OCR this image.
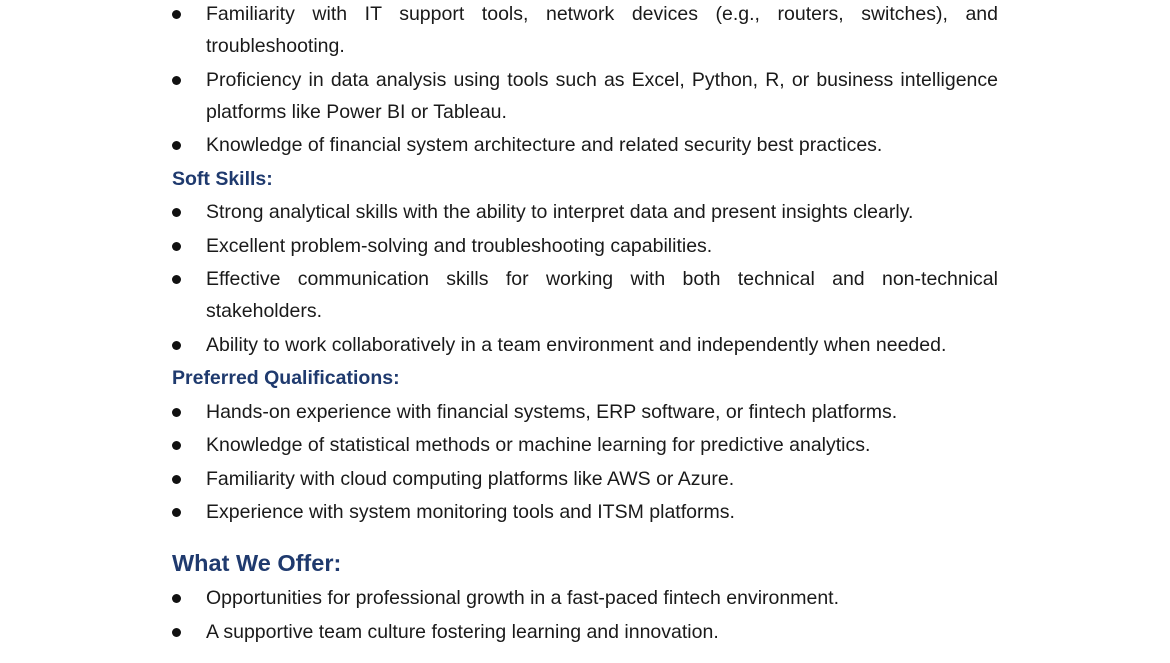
Familiarity with IT support tools, network devices (e.g., routers, switches), and troubleshooting.
Proficiency in data analysis using tools such as Excel, Python, R, or business intelligence platforms like Power BI or Tableau.
Knowledge of financial system architecture and related security best practices.
Soft Skills:
Strong analytical skills with the ability to interpret data and present insights clearly.
Excellent problem-solving and troubleshooting capabilities.
Effective communication skills for working with both technical and non-technical stakeholders.
Ability to work collaboratively in a team environment and independently when needed.
Preferred Qualifications:
Hands-on experience with financial systems, ERP software, or fintech platforms.
Knowledge of statistical methods or machine learning for predictive analytics.
Familiarity with cloud computing platforms like AWS or Azure.
Experience with system monitoring tools and ITSM platforms.
What We Offer:
Opportunities for professional growth in a fast-paced fintech environment.
A supportive team culture fostering learning and innovation.
